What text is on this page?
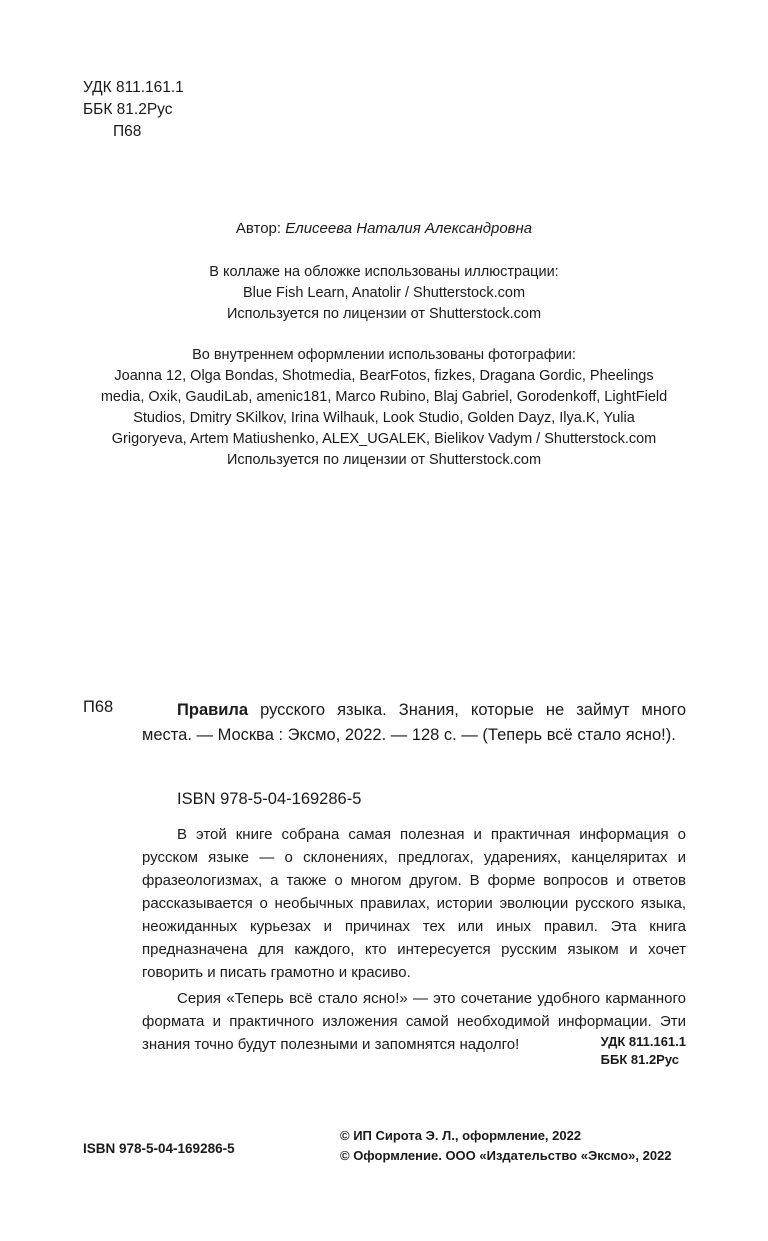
УДК 811.161.1
ББК 81.2Рус
П68
Автор: Елисеева Наталия Александровна
В коллаже на обложке использованы иллюстрации:
Blue Fish Learn, Anatolir / Shutterstock.com
Используется по лицензии от Shutterstock.com
Во внутреннем оформлении использованы фотографии:
Joanna 12, Olga Bondas, Shotmedia, BearFotos, fizkes, Dragana Gordic, Pheelings
media, Oxik, GaudiLab, amenic181, Marco Rubino, Blaj Gabriel, Gorodenkoff, LightField
Studios, Dmitry SKilkov, Irina Wilhauk, Look Studio, Golden Dayz, Ilya.K, Yulia
Grigoryeva, Artem Matiushenko, ALEX_UGALEK, Bielikov Vadym / Shutterstock.com
Используется по лицензии от Shutterstock.com
П68	Правила русского языка. Знания, которые не займут много места. — Москва : Эксмо, 2022. — 128 с. — (Теперь всё стало ясно!).
ISBN 978-5-04-169286-5

В этой книге собрана самая полезная и практичная информация о русском языке — о склонениях, предлогах, ударениях, канцеляритах и фразеологизмах, а также о многом другом. В форме вопросов и ответов рассказывается о необычных правилах, истории эволюции русского языка, неожиданных курьезах и причинах тех или иных правил. Эта книга предназначена для каждого, кто интересуется русским языком и хочет говорить и писать грамотно и красиво.

Серия «Теперь всё стало ясно!» — это сочетание удобного карманного формата и практичного изложения самой необходимой информации. Эти знания точно будут полезными и запомнятся надолго!	УДК 811.161.1
ББК 81.2Рус
ISBN 978-5-04-169286-5
© ИП Сирота Э. Л., оформление, 2022
© Оформление. ООО «Издательство «Эксмо», 2022
